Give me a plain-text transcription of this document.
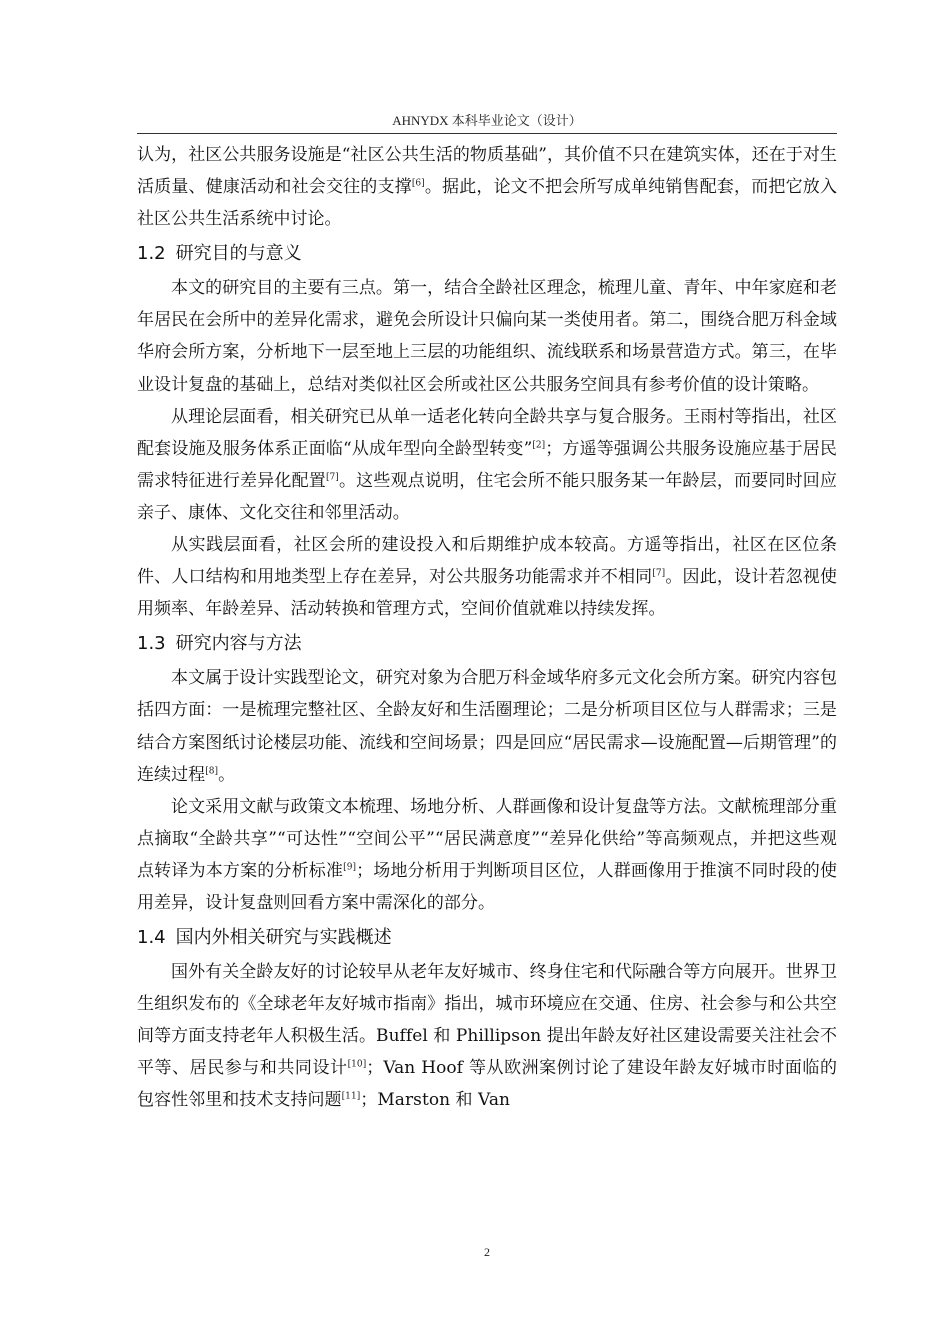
AHNYDX 本科毕业论文（设计）

认为，社区公共服务设施是“社区公共生活的物质基础”，其价值不只在建筑实体，还在于对生活质量、健康活动和社会交往的支撑[6]。据此，论文不把会所写成单纯销售配套，而把它放入社区公共生活系统中讨论。

1.2 研究目的与意义

本文的研究目的主要有三点。第一，结合全龄社区理念，梳理儿童、青年、中年家庭和老年居民在会所中的差异化需求，避免会所设计只偏向某一类使用者。第二，围绕合肥万科金域华府会所方案，分析地下一层至地上三层的功能组织、流线联系和场景营造方式。第三，在毕业设计复盘的基础上，总结对类似社区会所或社区公共服务空间具有参考价值的设计策略。

从理论层面看，相关研究已从单一适老化转向全龄共享与复合服务。王雨村等指出，社区配套设施及服务体系正面临“从成年型向全龄型转变”[2]；方遥等强调公共服务设施应基于居民需求特征进行差异化配置[7]。这些观点说明，住宅会所不能只服务某一年龄层，而要同时回应亲子、康体、文化交往和邻里活动。

从实践层面看，社区会所的建设投入和后期维护成本较高。方遥等指出，社区在区位条件、人口结构和用地类型上存在差异，对公共服务功能需求并不相同[7]。因此，设计若忽视使用频率、年龄差异、活动转换和管理方式，空间价值就难以持续发挥。

1.3 研究内容与方法

本文属于设计实践型论文，研究对象为合肥万科金域华府多元文化会所方案。研究内容包括四方面：一是梳理完整社区、全龄友好和生活圈理论；二是分析项目区位与人群需求；三是结合方案图纸讨论楼层功能、流线和空间场景；四是回应“居民需求—设施配置—后期管理”的连续过程[8]。

论文采用文献与政策文本梳理、场地分析、人群画像和设计复盘等方法。文献梳理部分重点摘取“全龄共享”“可达性”“空间公平”“居民满意度”“差异化供给”等高频观点，并把这些观点转译为本方案的分析标准[9]；场地分析用于判断项目区位，人群画像用于推演不同时段的使用差异，设计复盘则回看方案中需深化的部分。

1.4 国内外相关研究与实践概述

国外有关全龄友好的讨论较早从老年友好城市、终身住宅和代际融合等方向展开。世界卫生组织发布的《全球老年友好城市指南》指出，城市环境应在交通、住房、社会参与和公共空间等方面支持老年人积极生活。Buffel 和 Phillipson 提出年龄友好社区建设需要关注社会不平等、居民参与和共同设计[10]；Van Hoof 等从欧洲案例讨论了建设年龄友好城市时面临的包容性邻里和技术支持问题[11]；Marston 和 Van

2
